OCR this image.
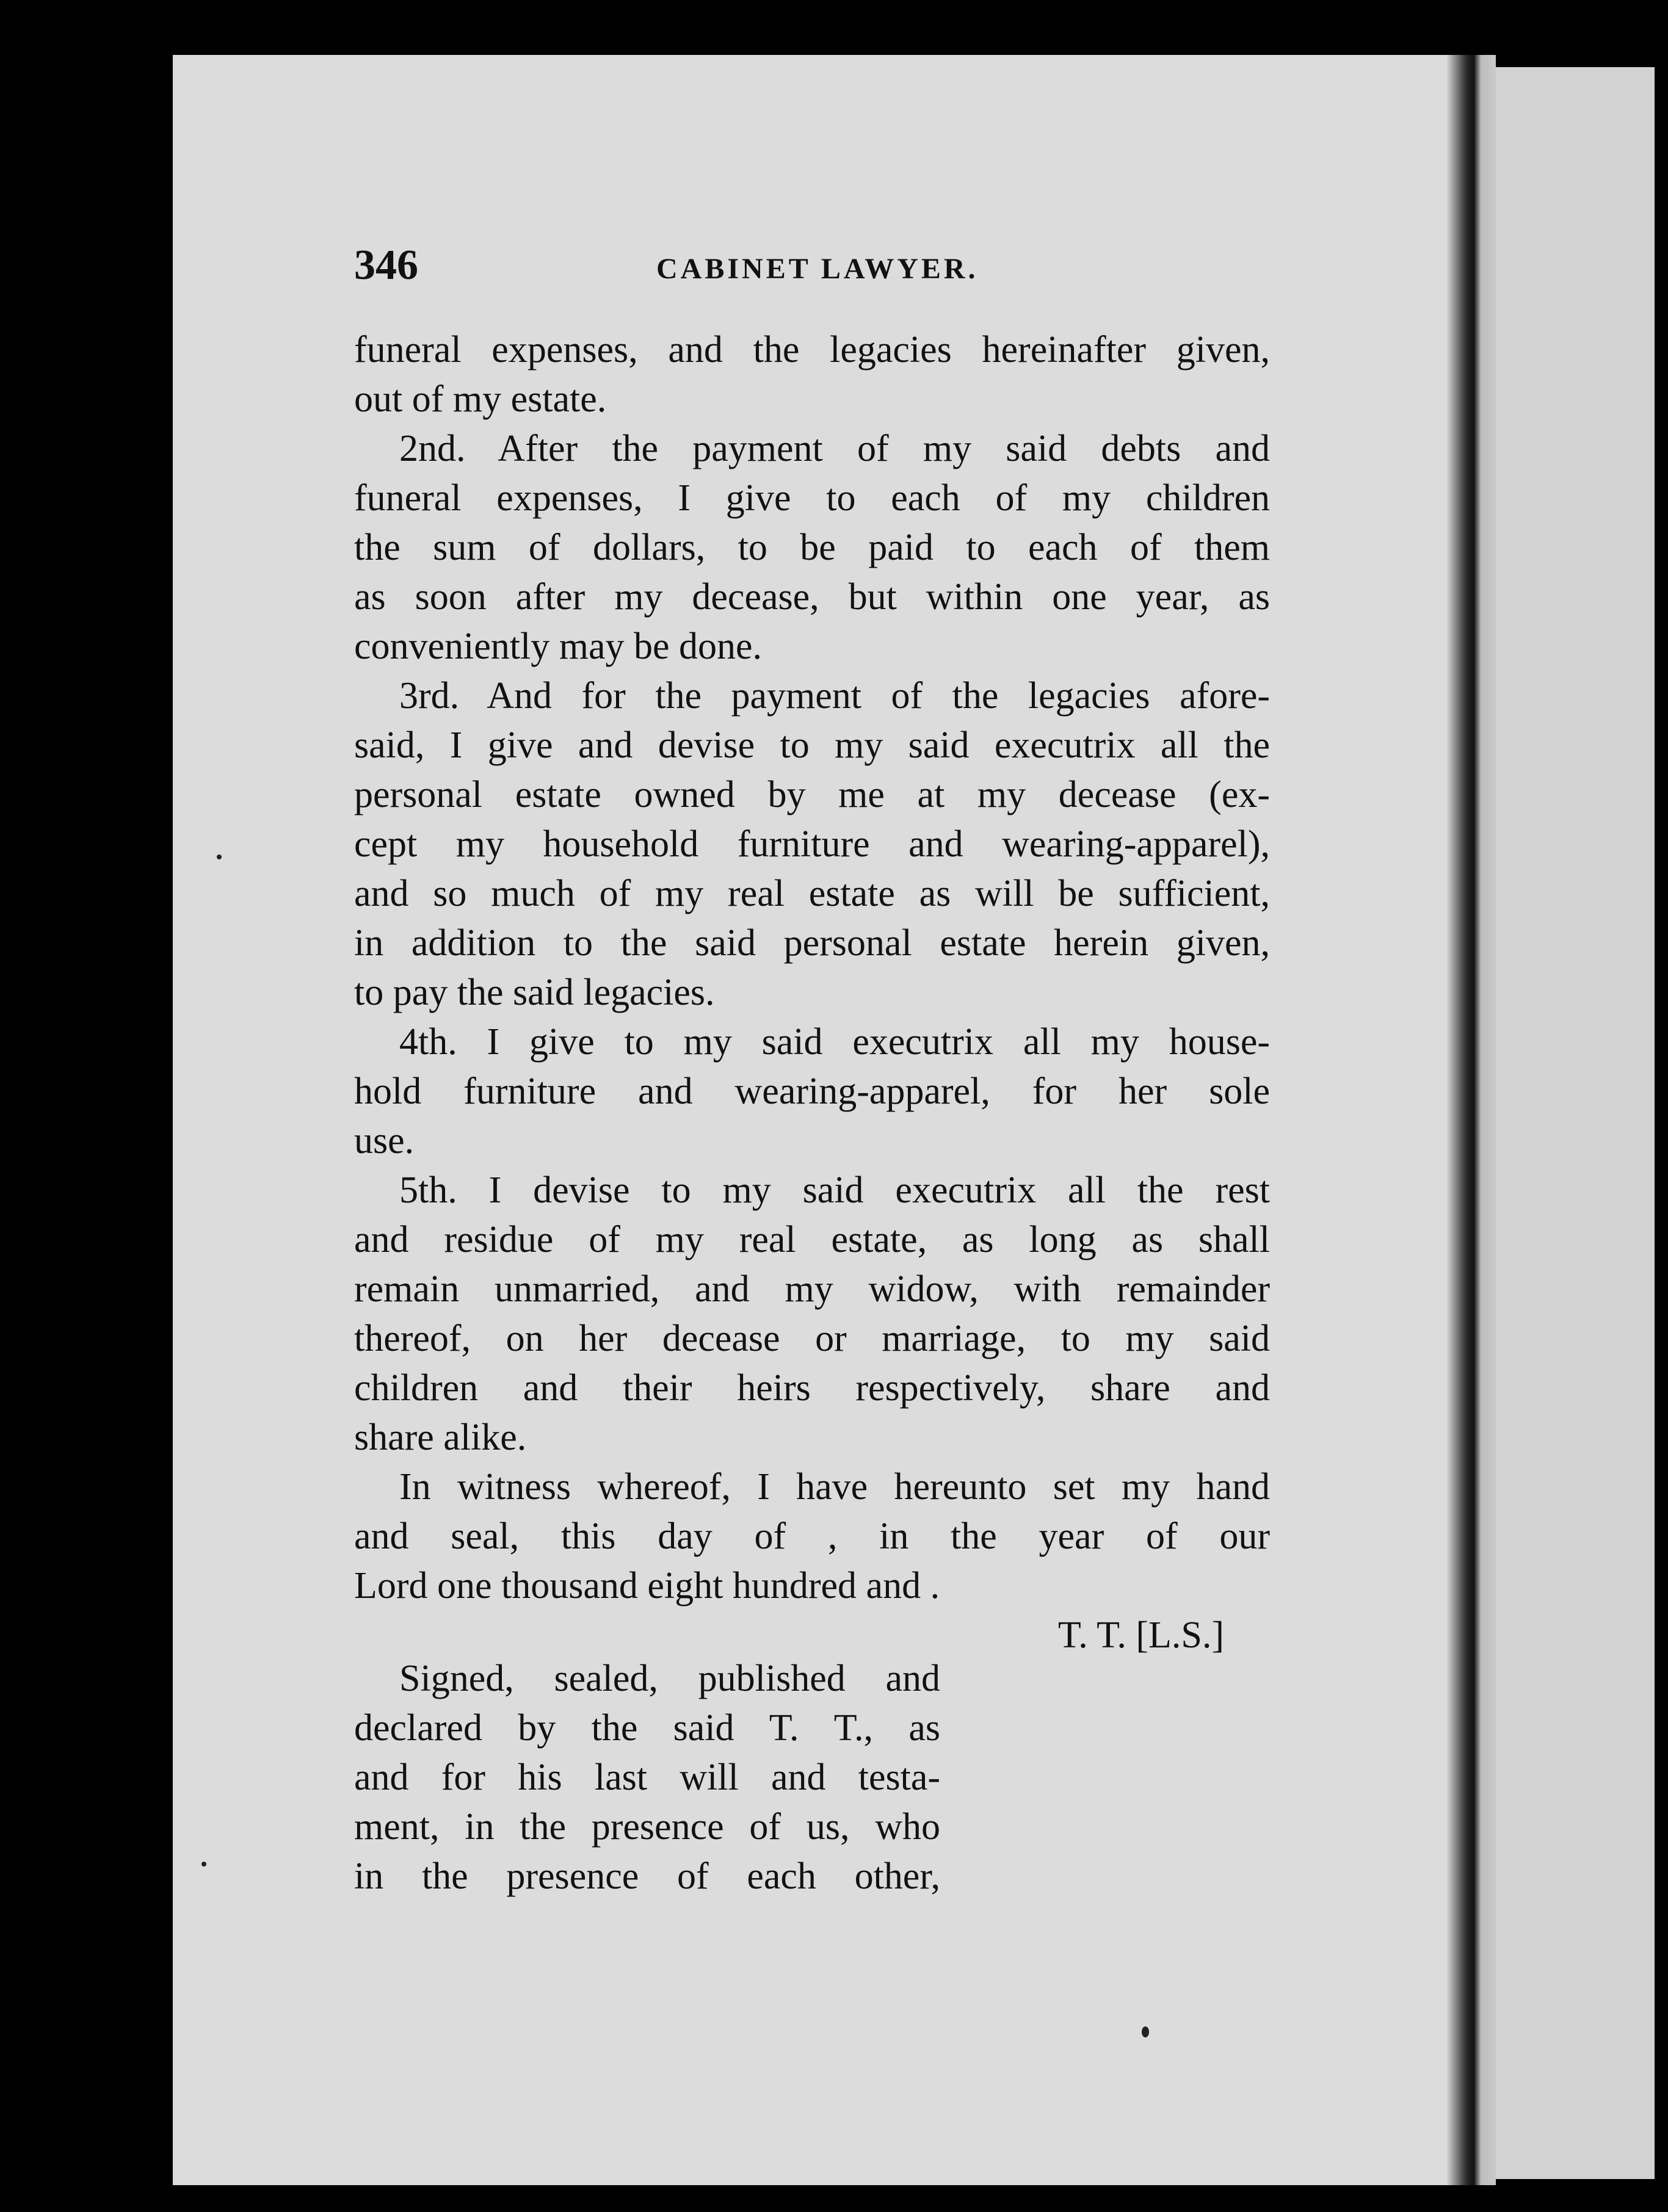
346	CABINET LAWYER.
funeral expenses, and the legacies hereinafter given,
out of my estate.
2nd. After the payment of my said debts and
funeral expenses, I give to each of my children
the sum of dollars, to be paid to each of them
as soon after my decease, but within one year, as
conveniently may be done.
3rd. And for the payment of the legacies afore-
said, I give and devise to my said executrix all the
personal estate owned by me at my decease (ex-
cept my household furniture and wearing-apparel),
and so much of my real estate as will be sufficient,
in addition to the said personal estate herein given,
to pay the said legacies.
4th. I give to my said executrix all my house-
hold furniture and wearing-apparel, for her sole
use.
5th. I devise to my said executrix all the rest
and residue of my real estate, as long as shall
remain unmarried, and my widow, with remainder
thereof, on her decease or marriage, to my said
children and their heirs respectively, share and
share alike.
In witness whereof, I have hereunto set my hand
and seal, this day of , in the year of our
Lord one thousand eight hundred and .
T. T. [L.S.]
Signed, sealed, published and
declared by the said T. T., as
and for his last will and testa-
ment, in the presence of us, who
in the presence of each other,
